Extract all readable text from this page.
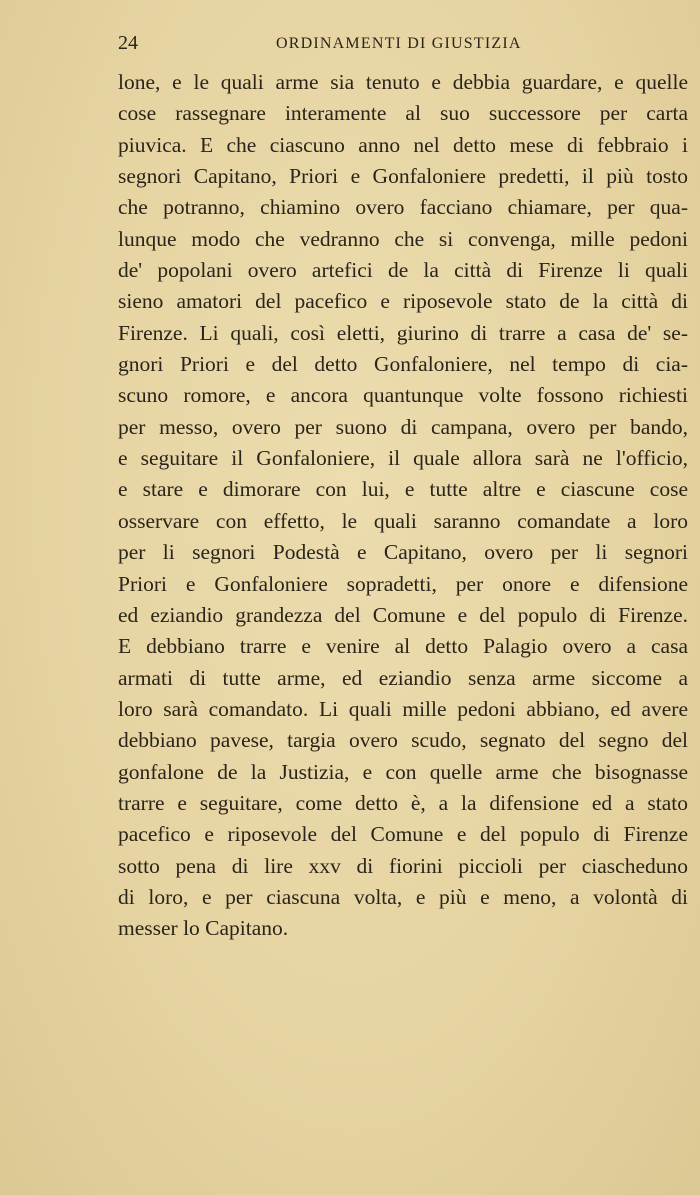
24	ORDINAMENTI DI GIUSTIZIA
lone, e le quali arme sia tenuto e debbia guardare, e quelle
cose rassegnare interamente al suo successore per carta
piuvica. E che ciascuno anno nel detto mese di febbraio i
segnori Capitano, Priori e Gonfaloniere predetti, il più tosto
che potranno, chiamino overo facciano chiamare, per qua-
lunque modo che vedranno che si convenga, mille pedoni
de' popolani overo artefici de la città di Firenze li quali
sieno amatori del pacefico e riposevole stato de la città di
Firenze. Li quali, così eletti, giurino di trarre a casa de' se-
gnori Priori e del detto Gonfaloniere, nel tempo di cia-
scuno romore, e ancora quantunque volte fossono richiesti
per messo, overo per suono di campana, overo per bando,
e seguitare il Gonfaloniere, il quale allora sarà ne l'officio,
e stare e dimorare con lui, e tutte altre e ciascune cose
osservare con effetto, le quali saranno comandate a loro
per li segnori Podestà e Capitano, overo per li segnori
Priori e Gonfaloniere sopradetti, per onore e difensione
ed eziandio grandezza del Comune e del populo di Firenze.
E debbiano trarre e venire al detto Palagio overo a casa
armati di tutte arme, ed eziandio senza arme siccome a
loro sarà comandato. Li quali mille pedoni abbiano, ed avere
debbiano pavese, targia overo scudo, segnato del segno del
gonfalone de la Justizia, e con quelle arme che bisognasse
trarre e seguitare, come detto è, a la difensione ed a stato
pacefico e riposevole del Comune e del populo di Firenze
sotto pena di lire xxv di fiorini piccioli per ciascheduno
di loro, e per ciascuna volta, e più e meno, a volontà di
messer lo Capitano.
